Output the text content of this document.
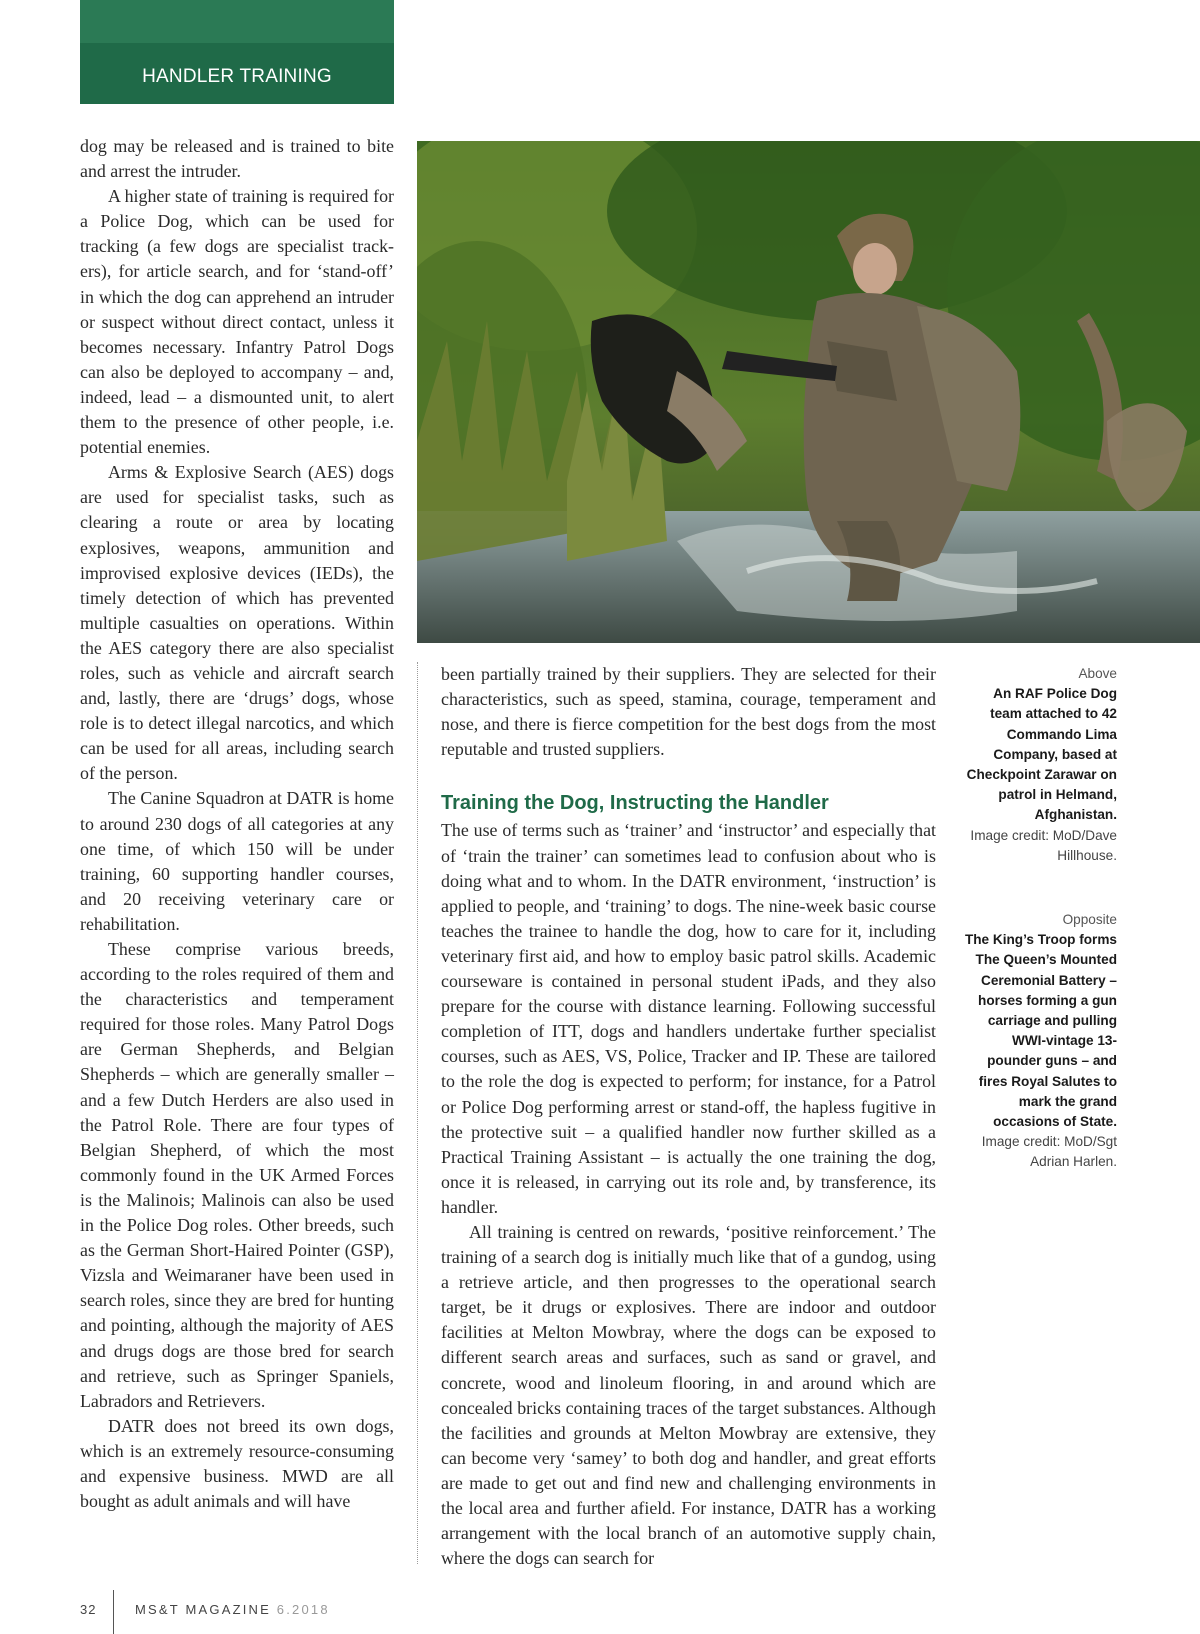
HANDLER TRAINING

dog may be released and is trained to bite and arrest the intruder.

A higher state of training is required for a Police Dog, which can be used for tracking (a few dogs are specialist trackers), for article search, and for ‘stand-off’ in which the dog can apprehend an intruder or suspect without direct contact, unless it becomes necessary. Infantry Patrol Dogs can also be deployed to accompany – and, indeed, lead – a dismounted unit, to alert them to the presence of other people, i.e. potential enemies.

Arms & Explosive Search (AES) dogs are used for specialist tasks, such as clearing a route or area by locating explosives, weapons, ammunition and improvised explosive devices (IEDs), the timely detection of which has prevented multiple casualties on operations. Within the AES category there are also specialist roles, such as vehicle and aircraft search and, lastly, there are ‘drugs’ dogs, whose role is to detect illegal narcotics, and which can be used for all areas, including search of the person.

The Canine Squadron at DATR is home to around 230 dogs of all categories at any one time, of which 150 will be under training, 60 supporting handler courses, and 20 receiving veterinary care or rehabilitation.

These comprise various breeds, according to the roles required of them and the characteristics and temperament required for those roles. Many Patrol Dogs are German Shepherds, and Belgian Shepherds – which are generally smaller – and a few Dutch Herders are also used in the Patrol Role. There are four types of Belgian Shepherd, of which the most commonly found in the UK Armed Forces is the Malinois; Malinois can also be used in the Police Dog roles. Other breeds, such as the German Short-Haired Pointer (GSP), Vizsla and Weimaraner have been used in search roles, since they are bred for hunting and pointing, although the majority of AES and drugs dogs are those bred for search and retrieve, such as Springer Spaniels, Labradors and Retrievers.

DATR does not breed its own dogs, which is an extremely resource-consuming and expensive business. MWD are all bought as adult animals and will have

been partially trained by their suppliers. They are selected for their characteristics, such as speed, stamina, courage, temperament and nose, and there is fierce competition for the best dogs from the most reputable and trusted suppliers.

Training the Dog, Instructing the Handler

The use of terms such as ‘trainer’ and ‘instructor’ and especially that of ‘train the trainer’ can sometimes lead to confusion about who is doing what and to whom. In the DATR environment, ‘instruction’ is applied to people, and ‘training’ to dogs. The nine-week basic course teaches the trainee to handle the dog, how to care for it, including veterinary first aid, and how to employ basic patrol skills. Academic courseware is contained in personal student iPads, and they also prepare for the course with distance learning. Following successful completion of ITT, dogs and handlers undertake further specialist courses, such as AES, VS, Police, Tracker and IP. These are tailored to the role the dog is expected to perform; for instance, for a Patrol or Police Dog performing arrest or stand-off, the hapless fugitive in the protective suit – a qualified handler now further skilled as a Practical Training Assistant – is actually the one training the dog, once it is released, in carrying out its role and, by transference, its handler.

All training is centred on rewards, ‘positive reinforcement.’ The training of a search dog is initially much like that of a gundog, using a retrieve article, and then progresses to the operational search target, be it drugs or explosives. There are indoor and outdoor facilities at Melton Mowbray, where the dogs can be exposed to different search areas and surfaces, such as sand or gravel, and concrete, wood and linoleum flooring, in and around which are concealed bricks containing traces of the target substances. Although the facilities and grounds at Melton Mowbray are extensive, they can become very ‘samey’ to both dog and handler, and great efforts are made to get out and find new and challenging environments in the local area and further afield. For instance, DATR has a working arrangement with the local branch of an automotive supply chain, where the dogs can search for

Above
An RAF Police Dog team attached to 42 Commando Lima Company, based at Checkpoint Zarawar on patrol in Helmand, Afghanistan.
Image credit: MoD/Dave Hillhouse.
Opposite
The King’s Troop forms The Queen’s Mounted Ceremonial Battery – horses forming a gun carriage and pulling WWI-vintage 13-pounder guns – and fires Royal Salutes to mark the grand occasions of State.
Image credit: MoD/Sgt Adrian Harlen.
32	MS&T MAGAZINE 6.2018
